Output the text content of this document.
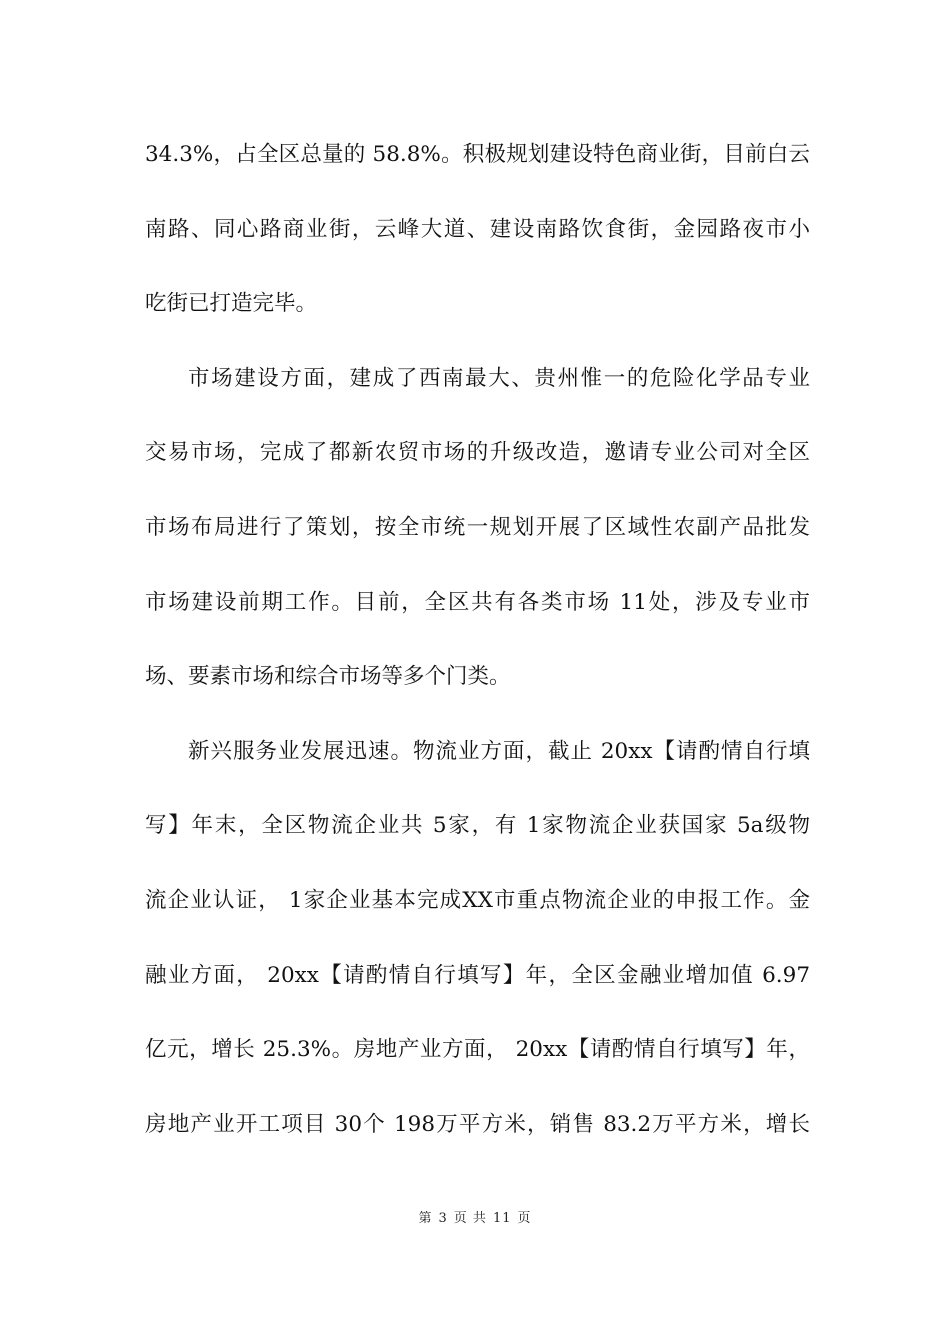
34.3%，占全区总量的 58.8%。积极规划建设特色商业街，目前白云
南路、同心路商业街，云峰大道、建设南路饮食街，金园路夜市小
吃街已打造完毕。
市场建设方面，建成了西南最大、贵州惟一的危险化学品专业
交易市场，完成了都新农贸市场的升级改造，邀请专业公司对全区
市场布局进行了策划，按全市统一规划开展了区域性农副产品批发
市场建设前期工作。目前，全区共有各类市场 11处，涉及专业市
场、要素市场和综合市场等多个门类。
新兴服务业发展迅速。物流业方面，截止 20xx【请酌情自行填
写】年末，全区物流企业共 5家，有 1家物流企业获国家 5a级物
流企业认证， 1家企业基本完成XX市重点物流企业的申报工作。金
融业方面， 20xx【请酌情自行填写】年，全区金融业增加值 6.97
亿元，增长 25.3%。房地产业方面， 20xx【请酌情自行填写】年，
房地产业开工项目 30个 198万平方米，销售 83.2万平方米，增长
第 3 页 共 11 页
